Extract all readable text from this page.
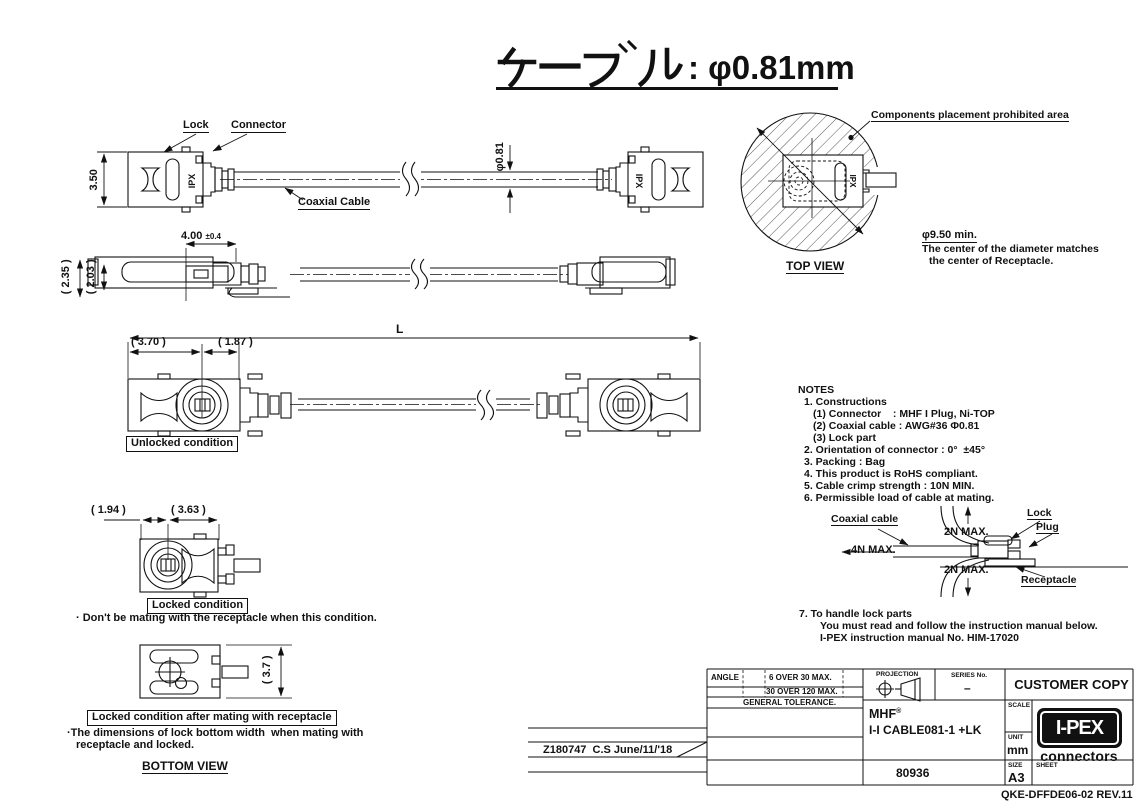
IPX	IPX	IPX
: φ0.81mm
Lock Connector
Coaxial Cable
3.50
φ0.81
4.00 ±0.4
( 2.35 ) ( 2.03 )
L
( 3.70 )	( 1.87 )
Unlocked condition
( 1.94 )	( 3.63 )
Locked condition
· Don't be mating with the receptacle when this condition.
( 3.7 )
Locked condition after mating with receptacle
·The dimensions of lock bottom width  when mating with
receptacle and locked.
BOTTOM VIEW
Components placement prohibited area
φ9.50 min.
The center of the diameter matches
the center of Receptacle.
TOP VIEW
NOTES
1. Constructions
(1) Connector    : MHF I Plug, Ni-TOP
(2) Coaxial cable : AWG#36 Φ0.81
(3) Lock part
2. Orientation of connector : 0°  ±45°
3. Packing : Bag
4. This product is RoHS compliant.
5. Cable crimp strength : 10N MIN.
6. Permissible load of cable at mating.
Coaxial cable
4N MAX.
2N MAX.
2N MAX.
Lock
Plug
Receptacle
7. To handle lock parts
You must read and follow the instruction manual below.
I-PEX instruction manual No. HIM-17020
ANGLE	6 OVER 30 MAX.
30 OVER 120 MAX.
GENERAL TOLERANCE.
PROJECTION	SERIES No.
–	CUSTOMER COPY
MHF®
I-I CABLE081-1 +LK
SCALE
UNIT
mm
SIZE
A3
SHEET
80936
Z180747  C.S June/11/'18
QKE-DFFDE06-02 REV.11
I-PEX
connectors
